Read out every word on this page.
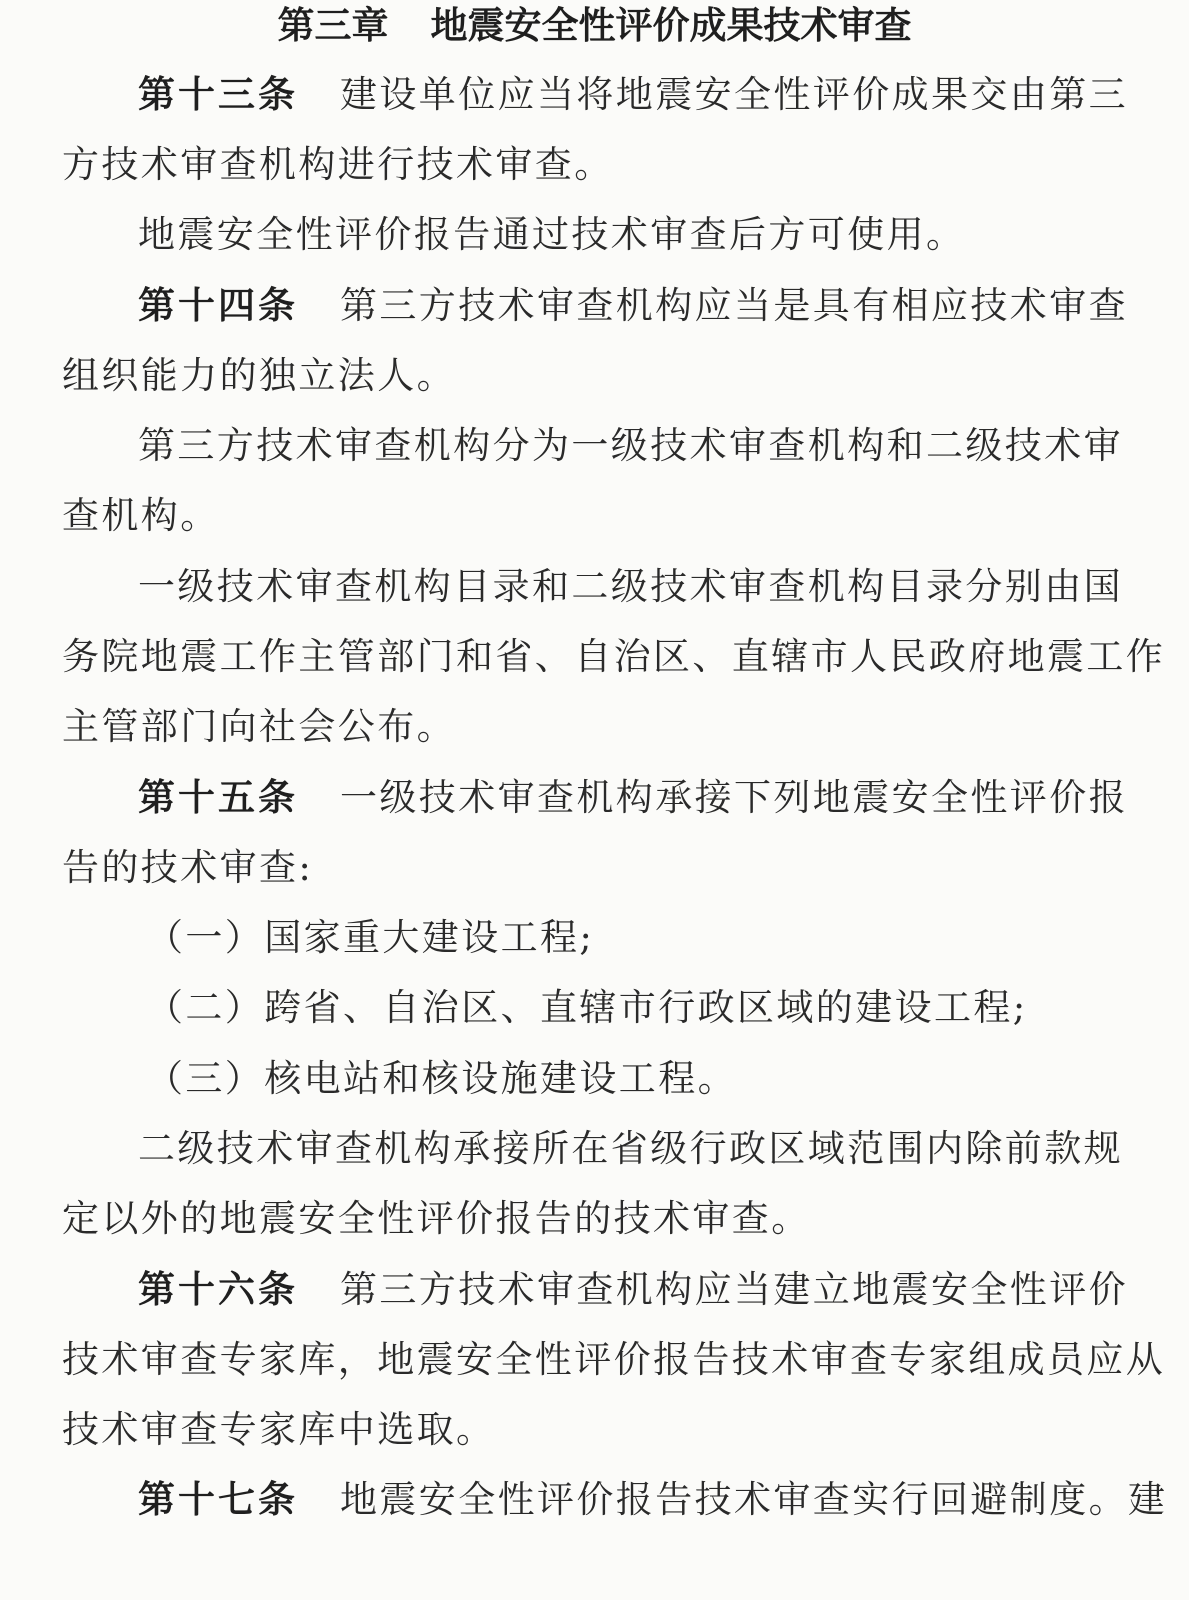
第三章 地震安全性评价成果技术审查
第十三条 建设单位应当将地震安全性评价成果交由第三
方技术审查机构进行技术审查。
地震安全性评价报告通过技术审查后方可使用。
第十四条 第三方技术审查机构应当是具有相应技术审查
组织能力的独立法人。
第三方技术审查机构分为一级技术审查机构和二级技术审
查机构。
一级技术审查机构目录和二级技术审查机构目录分别由国
务院地震工作主管部门和省、自治区、直辖市人民政府地震工作
主管部门向社会公布。
第十五条 一级技术审查机构承接下列地震安全性评价报
告的技术审查:
（一）国家重大建设工程;
（二）跨省、自治区、直辖市行政区域的建设工程;
（三）核电站和核设施建设工程。
二级技术审查机构承接所在省级行政区域范围内除前款规
定以外的地震安全性评价报告的技术审查。
第十六条 第三方技术审查机构应当建立地震安全性评价
技术审查专家库，地震安全性评价报告技术审查专家组成员应从
技术审查专家库中选取。
第十七条 地震安全性评价报告技术审查实行回避制度。建
